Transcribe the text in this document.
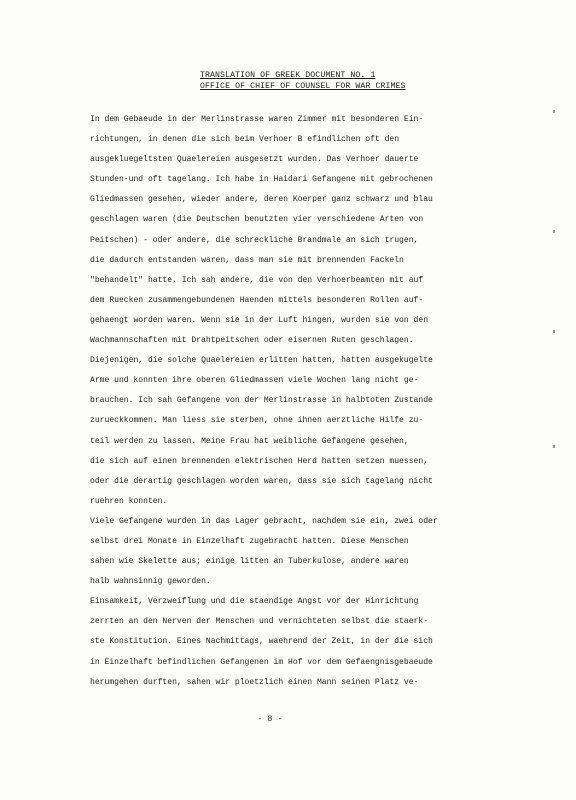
TRANSLATION OF GREEK DOCUMENT NO. 1
OFFICE OF CHIEF OF COUNSEL FOR WAR CRIMES
In dem Gebaeude in der Merlinstrasse waren Zimmer mit besonderen Ein-
richtungen, in denen die sich beim Verhoer B efindlichen oft den
ausgekluegeltsten Quaelereien ausgesetzt wurden. Das Verhoer dauerte
Stunden-und oft tagelang. Ich habe in Haidari Gefangene mit gebrochenen
Gliedmassen gesehen, wieder andere, deren Koerper ganz schwarz und blau
geschlagen waren (die Deutschen benutzten vier verschiedene Arten von
Peitschen) - oder andere, die schreckliche Brandmale an sich trugen,
die dadurch entstanden waren, dass man sie mit brennenden Fackeln
"behandelt" hatte. Ich sah andere, die von den Verhoerbeamten mit auf
dem Ruecken zusammengebundenen Haenden mittels besonderen Rollen auf-
gehaengt worden waren. Wenn sie in der Luft hingen, wurden sie von den
Wachmannschaften mit Drahtpeitschen oder eisernen Ruten geschlagen.
Diejenigen, die solche Quaelereien erlitten hatten, hatten ausgekugelte
Arme und konnten ihre oberen Gliedmassen viele Wochen lang nicht ge-
brauchen. Ich sah Gefangene von der Merlinstrasse in halbtoten Zustande
zurueckkommen. Man liess sie sterben, ohne ihnen aerztliche Hilfe zu-
teil werden zu lassen. Meine Frau hat weibliche Gefangene gesehen,
die sich auf einen brennenden elektrischen Herd hatten setzen muessen,
oder die derartig geschlagen worden waren, dass sie sich tagelang nicht
ruehren konnten.
Viele Gefangene wurden in das Lager gebracht, nachdem sie ein, zwei oder
selbst drei Monate in Einzelhaft zugebracht hatten. Diese Menschen
sahen wie Skelette aus; einige litten an Tuberkulose, andere waren
halb wahnsinnig geworden.
Einsamkeit, Verzweiflung und die staendige Angst vor der Hinrichtung
zerrten an den Nerven der Menschen und vernichteten selbst die staerk-
ste Konstitution. Eines Nachmittags, waehrend der Zeit, in der die sich
in Einzelhaft befindlichen Gefangenen im Hof vor dem Gefaengnisgebaeude
herumgehen durften, sahen wir ploetzlich einen Mann seinen Platz ve-
- 8 -
